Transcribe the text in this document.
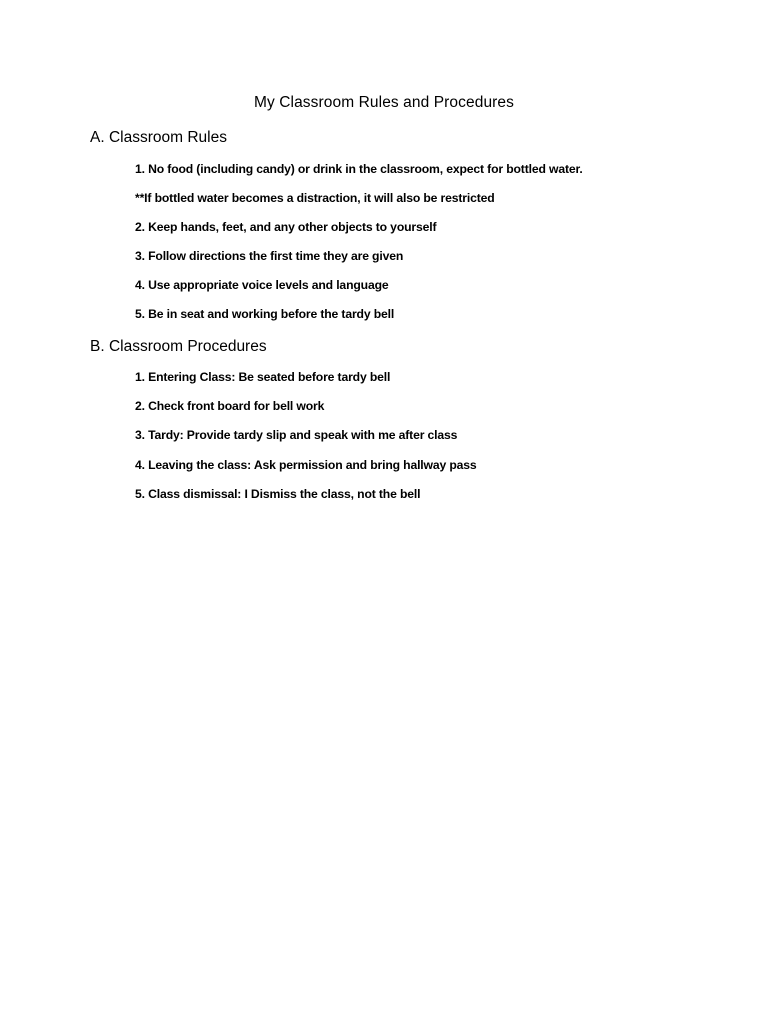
My Classroom Rules and Procedures
A. Classroom Rules
1. No food (including candy) or drink in the classroom, expect for bottled water.
**If bottled water becomes a distraction, it will also be restricted
2. Keep hands, feet, and any other objects to yourself
3. Follow directions the first time they are given
4. Use appropriate voice levels and language
5. Be in seat and working before the tardy bell
B. Classroom Procedures
1. Entering Class: Be seated before tardy bell
2. Check front board for bell work
3. Tardy: Provide tardy slip and speak with me after class
4. Leaving the class: Ask permission and bring hallway pass
5. Class dismissal: I Dismiss the class, not the bell
